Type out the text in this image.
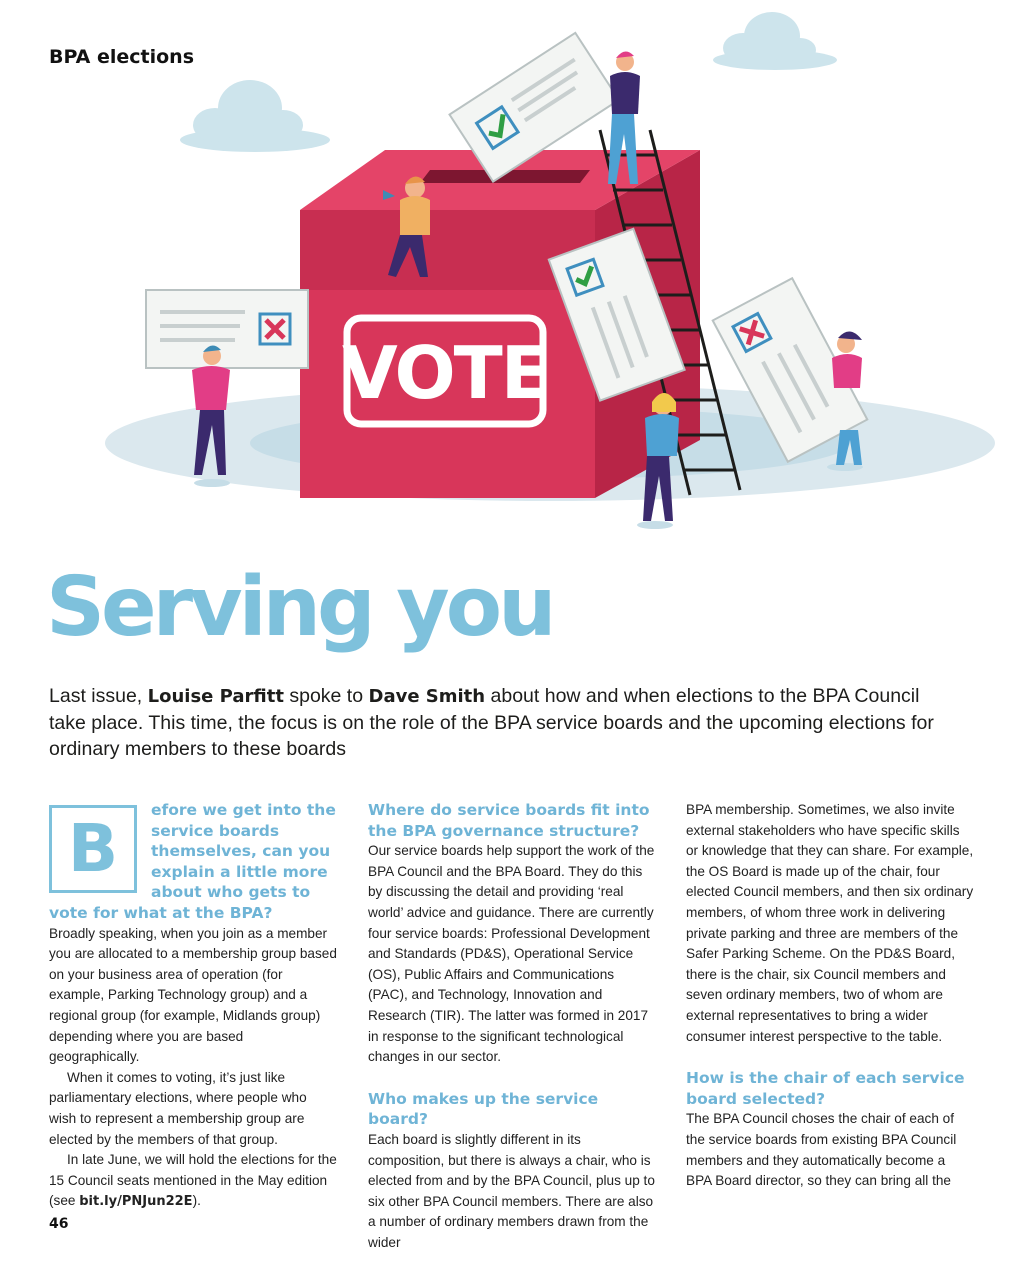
BPA elections
VOTE
Serving you

Last issue, Louise Parfitt spoke to Dave Smith about how and when elections to the BPA Council take place. This time, the focus is on the role of the BPA service boards and the upcoming elections for ordinary members to these boards

B	efore we get into the service boards themselves, can you explain a little more about who gets to vote for what at the BPA?

Broadly speaking, when you join as a member you are allocated to a membership group based on your business area of operation (for example, Parking Technology group) and a regional group (for example, Midlands group) depending where you are based geographically.

When it comes to voting, it’s just like parliamentary elections, where people who wish to represent a membership group are elected by the members of that group.

In late June, we will hold the elections for the 15 Council seats mentioned in the May edition (see bit.ly/PNJun22E).

Where do service boards fit into the BPA governance structure?

Our service boards help support the work of the BPA Council and the BPA Board. They do this by discussing the detail and providing ‘real world’ advice and guidance. There are currently four service boards: Professional Development and Standards (PD&S), Operational Service (OS), Public Affairs and Communications (PAC), and Technology, Innovation and Research (TIR). The latter was formed in 2017 in response to the significant technological changes in our sector.

Who makes up the service board?

Each board is slightly different in its composition, but there is always a chair, who is elected from and by the BPA Council, plus up to six other BPA Council members. There are also a number of ordinary members drawn from the wider

BPA membership. Sometimes, we also invite external stakeholders who have specific skills or knowledge that they can share. For example, the OS Board is made up of the chair, four elected Council members, and then six ordinary members, of whom three work in delivering private parking and three are members of the Safer Parking Scheme. On the PD&S Board, there is the chair, six Council members and seven ordinary members, two of whom are external representatives to bring a wider consumer interest perspective to the table.

How is the chair of each service board selected?

The BPA Council choses the chair of each of the service boards from existing BPA Council members and they automatically become a BPA Board director, so they can bring all the

46
